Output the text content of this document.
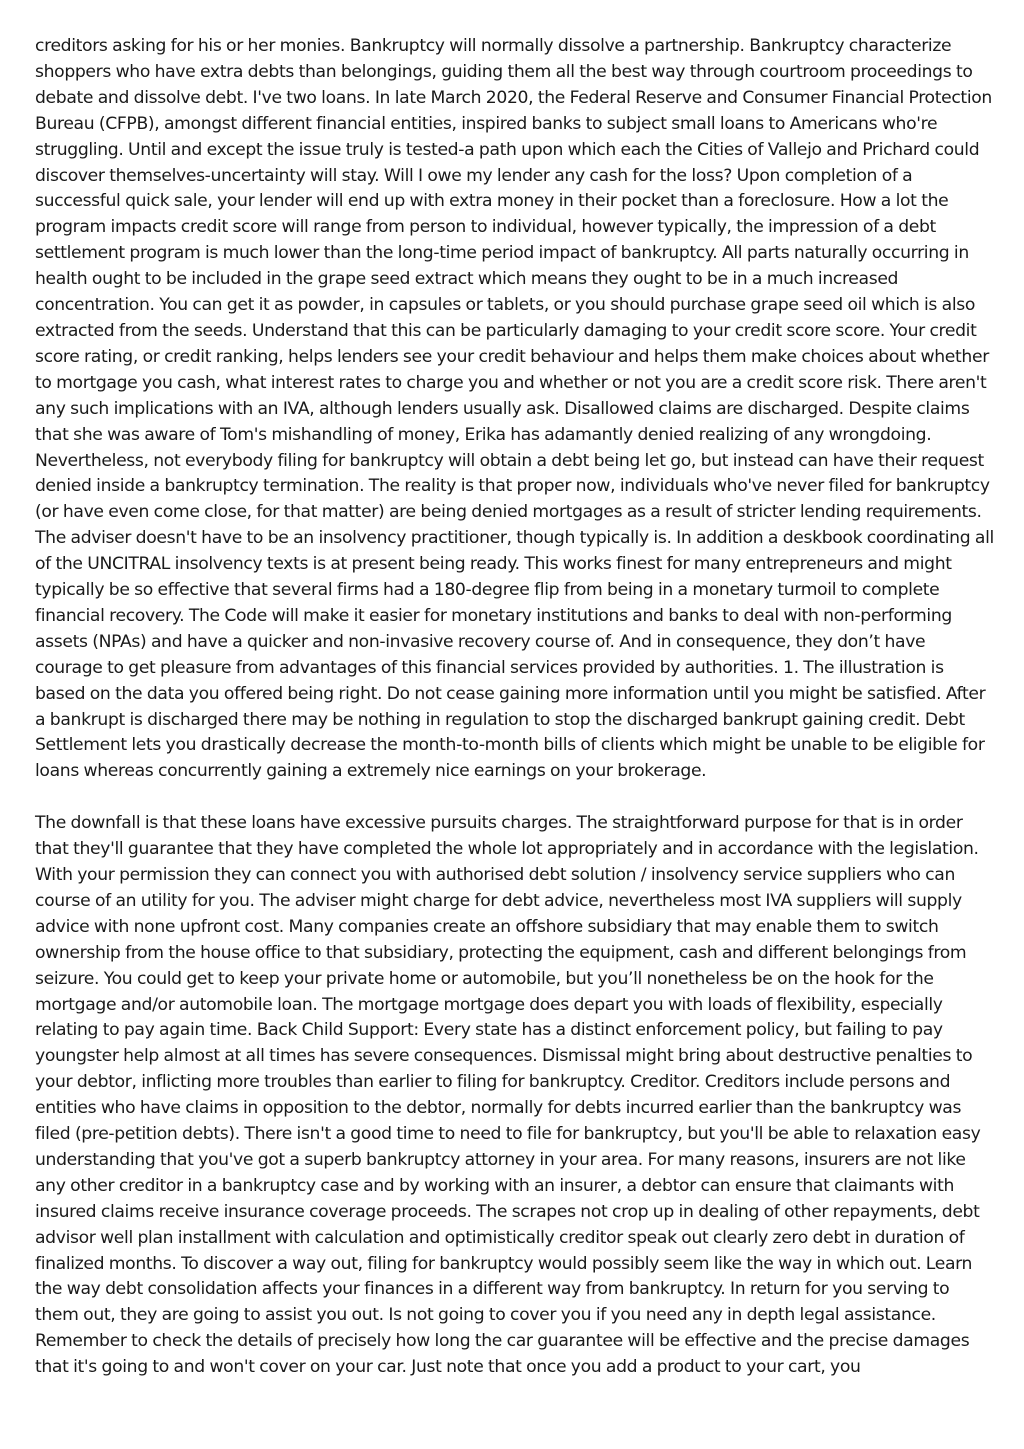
creditors asking for his or her monies. Bankruptcy will normally dissolve a partnership. Bankruptcy characterize shoppers who have extra debts than belongings, guiding them all the best way through courtroom proceedings to debate and dissolve debt. I've two loans. In late March 2020, the Federal Reserve and Consumer Financial Protection Bureau (CFPB), amongst different financial entities, inspired banks to subject small loans to Americans who're struggling. Until and except the issue truly is tested-a path upon which each the Cities of Vallejo and Prichard could discover themselves-uncertainty will stay. Will I owe my lender any cash for the loss? Upon completion of a successful quick sale, your lender will end up with extra money in their pocket than a foreclosure. How a lot the program impacts credit score will range from person to individual, however typically, the impression of a debt settlement program is much lower than the long-time period impact of bankruptcy. All parts naturally occurring in health ought to be included in the grape seed extract which means they ought to be in a much increased concentration. You can get it as powder, in capsules or tablets, or you should purchase grape seed oil which is also extracted from the seeds. Understand that this can be particularly damaging to your credit score score. Your credit score rating, or credit ranking, helps lenders see your credit behaviour and helps them make choices about whether to mortgage you cash, what interest rates to charge you and whether or not you are a credit score risk. There aren't any such implications with an IVA, although lenders usually ask. Disallowed claims are discharged. Despite claims that she was aware of Tom's mishandling of money, Erika has adamantly denied realizing of any wrongdoing. Nevertheless, not everybody filing for bankruptcy will obtain a debt being let go, but instead can have their request denied inside a bankruptcy termination. The reality is that proper now, individuals who've never filed for bankruptcy (or have even come close, for that matter) are being denied mortgages as a result of stricter lending requirements. The adviser doesn't have to be an insolvency practitioner, though typically is. In addition a deskbook coordinating all of the UNCITRAL insolvency texts is at present being ready. This works finest for many entrepreneurs and might typically be so effective that several firms had a 180-degree flip from being in a monetary turmoil to complete financial recovery. The Code will make it easier for monetary institutions and banks to deal with non-performing assets (NPAs) and have a quicker and non-invasive recovery course of. And in consequence, they don’t have courage to get pleasure from advantages of this financial services provided by authorities. 1. The illustration is based on the data you offered being right. Do not cease gaining more information until you might be satisfied. After a bankrupt is discharged there may be nothing in regulation to stop the discharged bankrupt gaining credit. Debt Settlement lets you drastically decrease the month-to-month bills of clients which might be unable to be eligible for loans whereas concurrently gaining a extremely nice earnings on your brokerage.

The downfall is that these loans have excessive pursuits charges. The straightforward purpose for that is in order that they'll guarantee that they have completed the whole lot appropriately and in accordance with the legislation. With your permission they can connect you with authorised debt solution / insolvency service suppliers who can course of an utility for you. The adviser might charge for debt advice, nevertheless most IVA suppliers will supply advice with none upfront cost. Many companies create an offshore subsidiary that may enable them to switch ownership from the house office to that subsidiary, protecting the equipment, cash and different belongings from seizure. You could get to keep your private home or automobile, but you’ll nonetheless be on the hook for the mortgage and/or automobile loan. The mortgage mortgage does depart you with loads of flexibility, especially relating to pay again time. Back Child Support: Every state has a distinct enforcement policy, but failing to pay youngster help almost at all times has severe consequences. Dismissal might bring about destructive penalties to your debtor, inflicting more troubles than earlier to filing for bankruptcy. Creditor. Creditors include persons and entities who have claims in opposition to the debtor, normally for debts incurred earlier than the bankruptcy was filed (pre-petition debts). There isn't a good time to need to file for bankruptcy, but you'll be able to relaxation easy understanding that you've got a superb bankruptcy attorney in your area. For many reasons, insurers are not like any other creditor in a bankruptcy case and by working with an insurer, a debtor can ensure that claimants with insured claims receive insurance coverage proceeds. The scrapes not crop up in dealing of other repayments, debt advisor well plan installment with calculation and optimistically creditor speak out clearly zero debt in duration of finalized months. To discover a way out, filing for bankruptcy would possibly seem like the way in which out. Learn the way debt consolidation affects your finances in a different way from bankruptcy. In return for you serving to them out, they are going to assist you out. Is not going to cover you if you need any in depth legal assistance. Remember to check the details of precisely how long the car guarantee will be effective and the precise damages that it's going to and won't cover on your car. Just note that once you add a product to your cart, you
